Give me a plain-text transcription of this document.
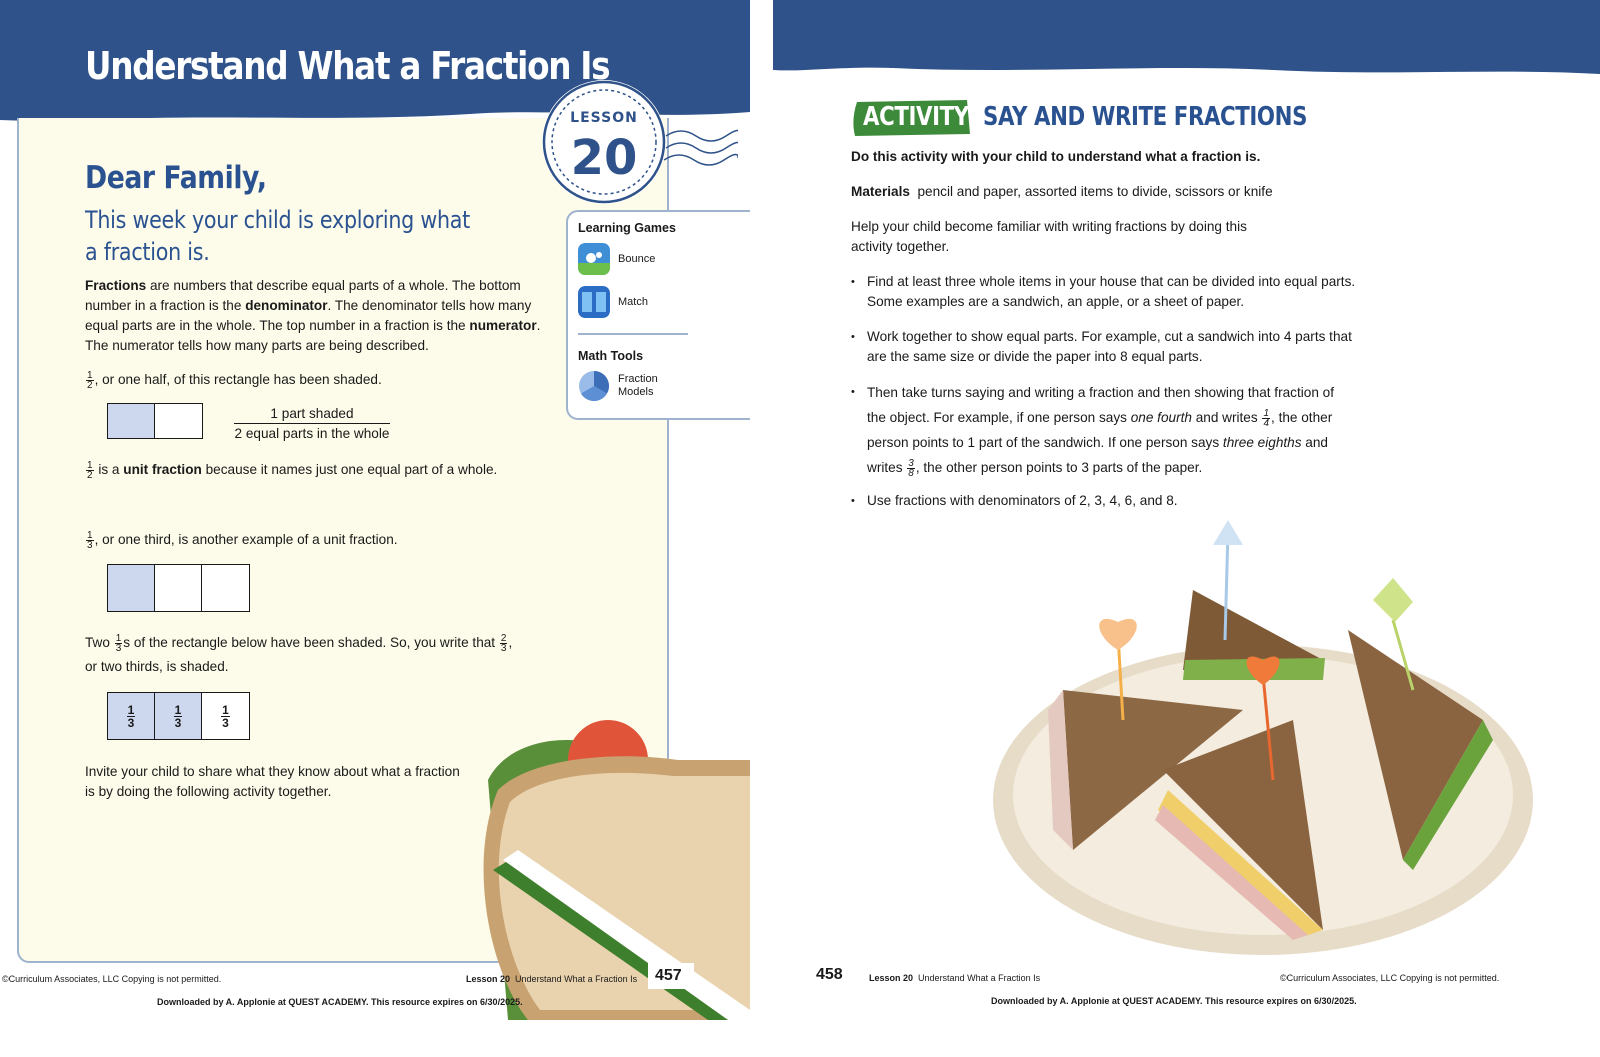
Understand What a Fraction Is
LESSON
20
Learning Games
Bounce
Match
Math Tools
Fraction
Models
Dear Family,
This week your child is exploring what
a fraction is.
Fractions are numbers that describe equal parts of a whole. The bottom
number in a fraction is the denominator. The denominator tells how many
equal parts are in the whole. The top number in a fraction is the numerator.
The numerator tells how many parts are being described.
$\frac{1}{2}$ , or one half, of this rectangle has been shaded.
1 part shaded
2 equal parts in the whole
$\frac{1}{2}$ is a unit fraction because it names just one equal part of a whole.
$\frac{1}{3}$ , or one third, is another example of a unit fraction.
Two $\frac{1}{3}$ s of the rectangle below have been shaded. So, you write that $\frac{2}{3}$ ,
or two thirds, is shaded.
$\frac{1}{3}$	$\frac{1}{3}$	$\frac{1}{3}$
Invite your child to share what they know about what a fraction
is by doing the following activity together.
©Curriculum Associates, LLC Copying is not permitted.	Lesson 20 Understand What a Fraction Is 457
Downloaded by A. Applonie at QUEST ACADEMY. This resource expires on 6/30/2025.
ACTIVITY SAY AND WRITE FRACTIONS
Do this activity with your child to understand what a fraction is.
Materials pencil and paper, assorted items to divide, scissors or knife
Help your child become familiar with writing fractions by doing this
activity together.
• Find at least three whole items in your house that can be divided into equal parts.
Some examples are a sandwich, an apple, or a sheet of paper.
• Work together to show equal parts. For example, cut a sandwich into 4 parts that
are the same size or divide the paper into 8 equal parts.
• Then take turns saying and writing a fraction and then showing that fraction of
the object. For example, if one person says one fourth and writes $\frac{1}{4}$ , the other
person points to 1 part of the sandwich. If one person says three eighths and
writes $\frac{3}{8}$ , the other person points to 3 parts of the paper.
• Use fractions with denominators of 2, 3, 4, 6, and 8.
458	Lesson 20 Understand What a Fraction Is	©Curriculum Associates, LLC Copying is not permitted.
Downloaded by A. Applonie at QUEST ACADEMY. This resource expires on 6/30/2025.
